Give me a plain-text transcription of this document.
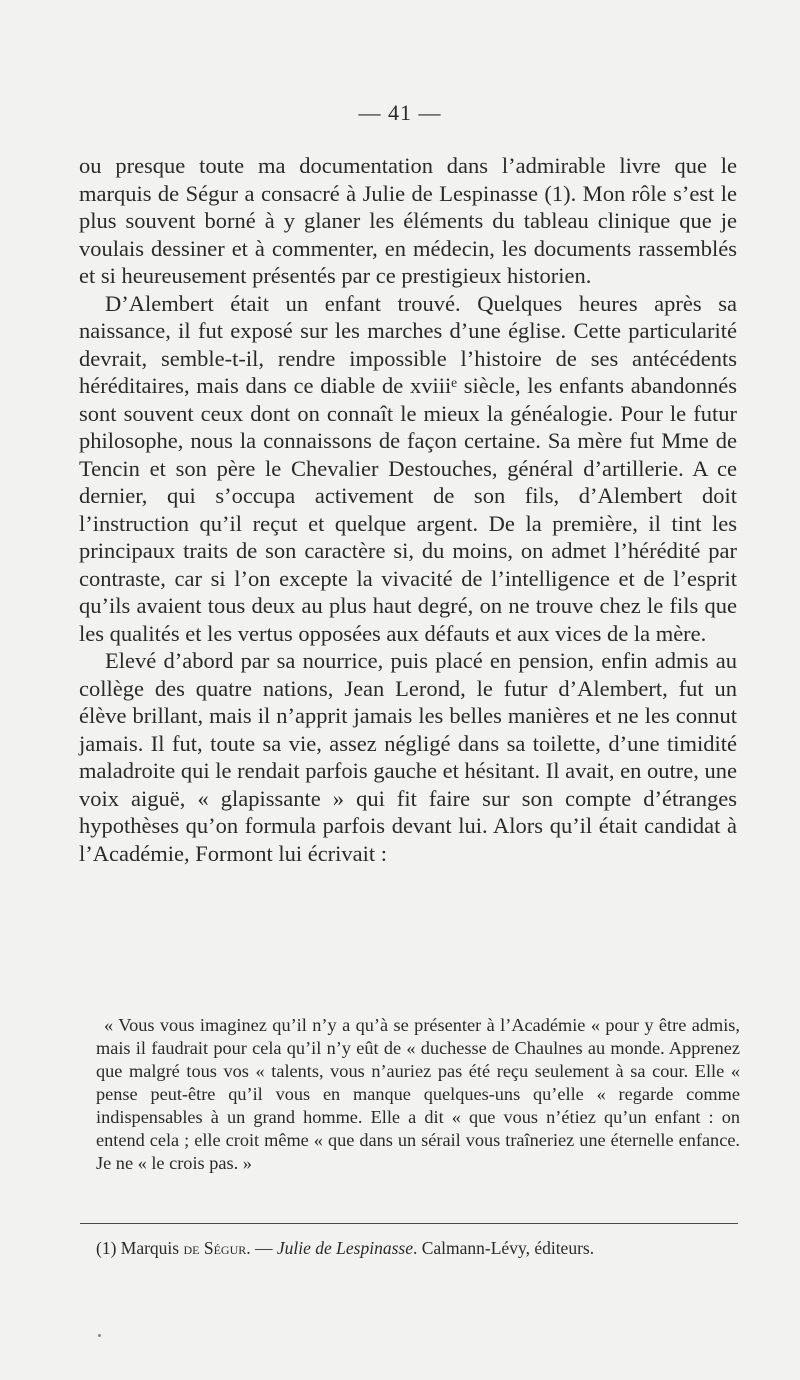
— 41 —

ou presque toute ma documentation dans l’admirable livre que le marquis de Ségur a consacré à Julie de Lespinasse (1). Mon rôle s’est le plus souvent borné à y glaner les éléments du tableau clinique que je voulais dessiner et à commenter, en médecin, les documents rassemblés et si heureusement présentés par ce prestigieux historien.

D’Alembert était un enfant trouvé. Quelques heures après sa naissance, il fut exposé sur les marches d’une église. Cette particularité devrait, semble-t-il, rendre impossible l’histoire de ses antécédents héréditaires, mais dans ce diable de xviiiᵉ siècle, les enfants abandonnés sont souvent ceux dont on connaît le mieux la généalogie. Pour le futur philosophe, nous la connaissons de façon certaine. Sa mère fut Mme de Tencin et son père le Chevalier Destouches, général d’artillerie. A ce dernier, qui s’occupa activement de son fils, d’Alembert doit l’instruction qu’il reçut et quelque argent. De la première, il tint les principaux traits de son caractère si, du moins, on admet l’hérédité par contraste, car si l’on excepte la vivacité de l’intelligence et de l’esprit qu’ils avaient tous deux au plus haut degré, on ne trouve chez le fils que les qualités et les vertus opposées aux défauts et aux vices de la mère.

Elevé d’abord par sa nourrice, puis placé en pension, enfin admis au collège des quatre nations, Jean Lerond, le futur d’Alembert, fut un élève brillant, mais il n’apprit jamais les belles manières et ne les connut jamais. Il fut, toute sa vie, assez négligé dans sa toilette, d’une timidité maladroite qui le rendait parfois gauche et hésitant. Il avait, en outre, une voix aiguë, « glapissante » qui fit faire sur son compte d’étranges hypothèses qu’on formula parfois devant lui. Alors qu’il était candidat à l’Académie, Formont lui écrivait :

« Vous vous imaginez qu’il n’y a qu’à se présenter à l’Académie « pour y être admis, mais il faudrait pour cela qu’il n’y eût de « duchesse de Chaulnes au monde. Apprenez que malgré tous vos « talents, vous n’auriez pas été reçu seulement à sa cour. Elle « pense peut-être qu’il vous en manque quelques-uns qu’elle « regarde comme indispensables à un grand homme. Elle a dit « que vous n’étiez qu’un enfant : on entend cela ; elle croit même « que dans un sérail vous traîneriez une éternelle enfance. Je ne « le crois pas. »

(1) Marquis de Ségur. — Julie de Lespinasse. Calmann-Lévy, éditeurs.
